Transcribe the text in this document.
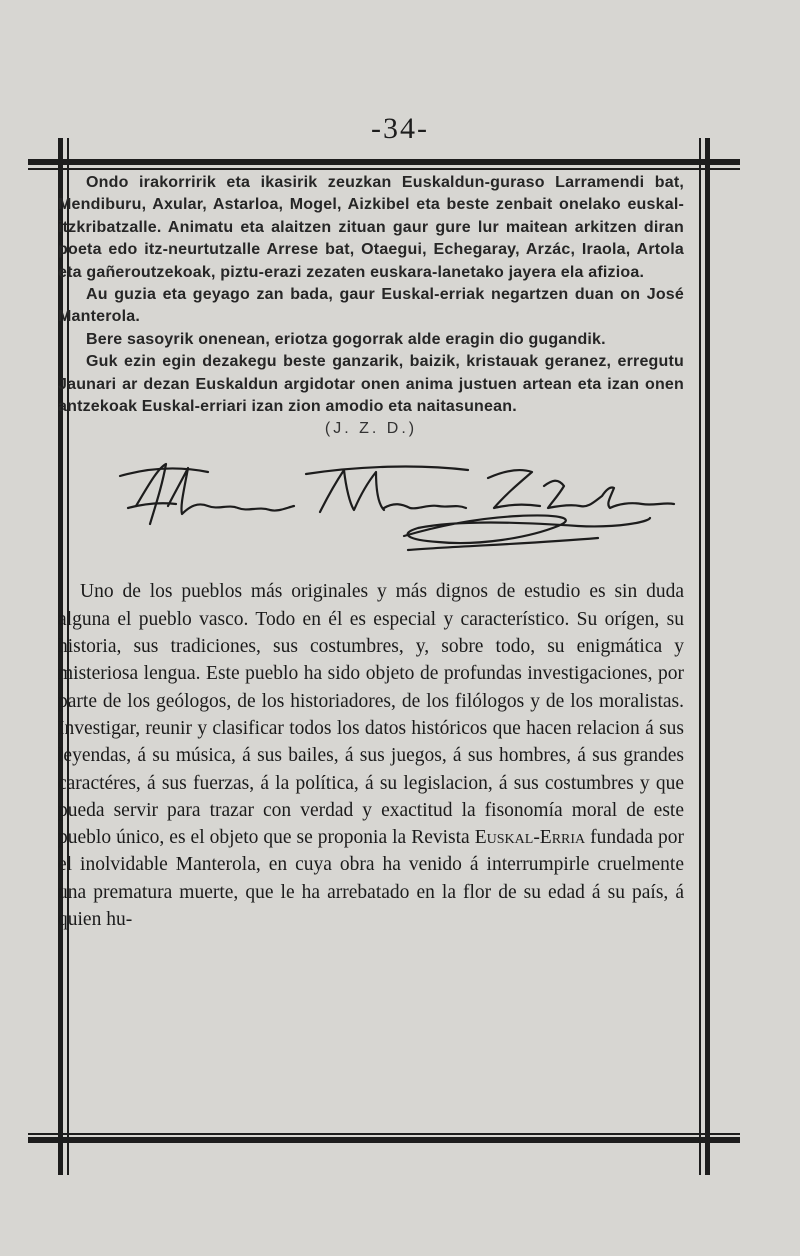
-34-

Ondo irakorririk eta ikasirik zeuzkan Euskaldun-guraso Larramendi bat, Mendiburu, Axular, Astarloa, Mogel, Aizkibel eta beste zenbait onelako euskal-itzkribatzalle. Animatu eta alaitzen zituan gaur gure lur maitean arkitzen diran poeta edo itz-neurtutzalle Arrese bat, Otaegui, Echegaray, Arzác, Iraola, Artola eta gañeroutzekoak, piztu-erazi zezaten euskara-lanetako jayera ela afizioa.

Au guzia eta geyago zan bada, gaur Euskal-erriak negartzen duan on José Manterola.

Bere sasoyrik onenean, eriotza gogorrak alde eragin dio gugandik.

Guk ezin egin dezakegu beste ganzarik, baizik, kristauak geranez, erregutu Jaunari ar dezan Euskaldun argidotar onen anima justuen artean eta izan onen antzekoak Euskal-erriari izan zion amodio eta naitasunean.

(J. Z. D.)

Uno de los pueblos más originales y más dignos de estudio es sin duda alguna el pueblo vasco. Todo en él es especial y característico. Su orígen, su historia, sus tradiciones, sus costumbres, y, sobre todo, su enigmática y misteriosa lengua. Este pueblo ha sido objeto de profundas investigaciones, por parte de los geólogos, de los historiadores, de los filólogos y de los moralistas. Investigar, reunir y clasificar todos los datos históricos que hacen relacion á sus leyendas, á su música, á sus bailes, á sus juegos, á sus hombres, á sus grandes caractéres, á sus fuerzas, á la política, á su legislacion, á sus costumbres y que pueda servir para trazar con verdad y exactitud la fisonomía moral de este pueblo único, es el objeto que se proponia la Revista Euskal-Erria fundada por el inolvidable Manterola, en cuya obra ha venido á interrumpirle cruelmente una prematura muerte, que le ha arrebatado en la flor de su edad á su país, á quien hu-
